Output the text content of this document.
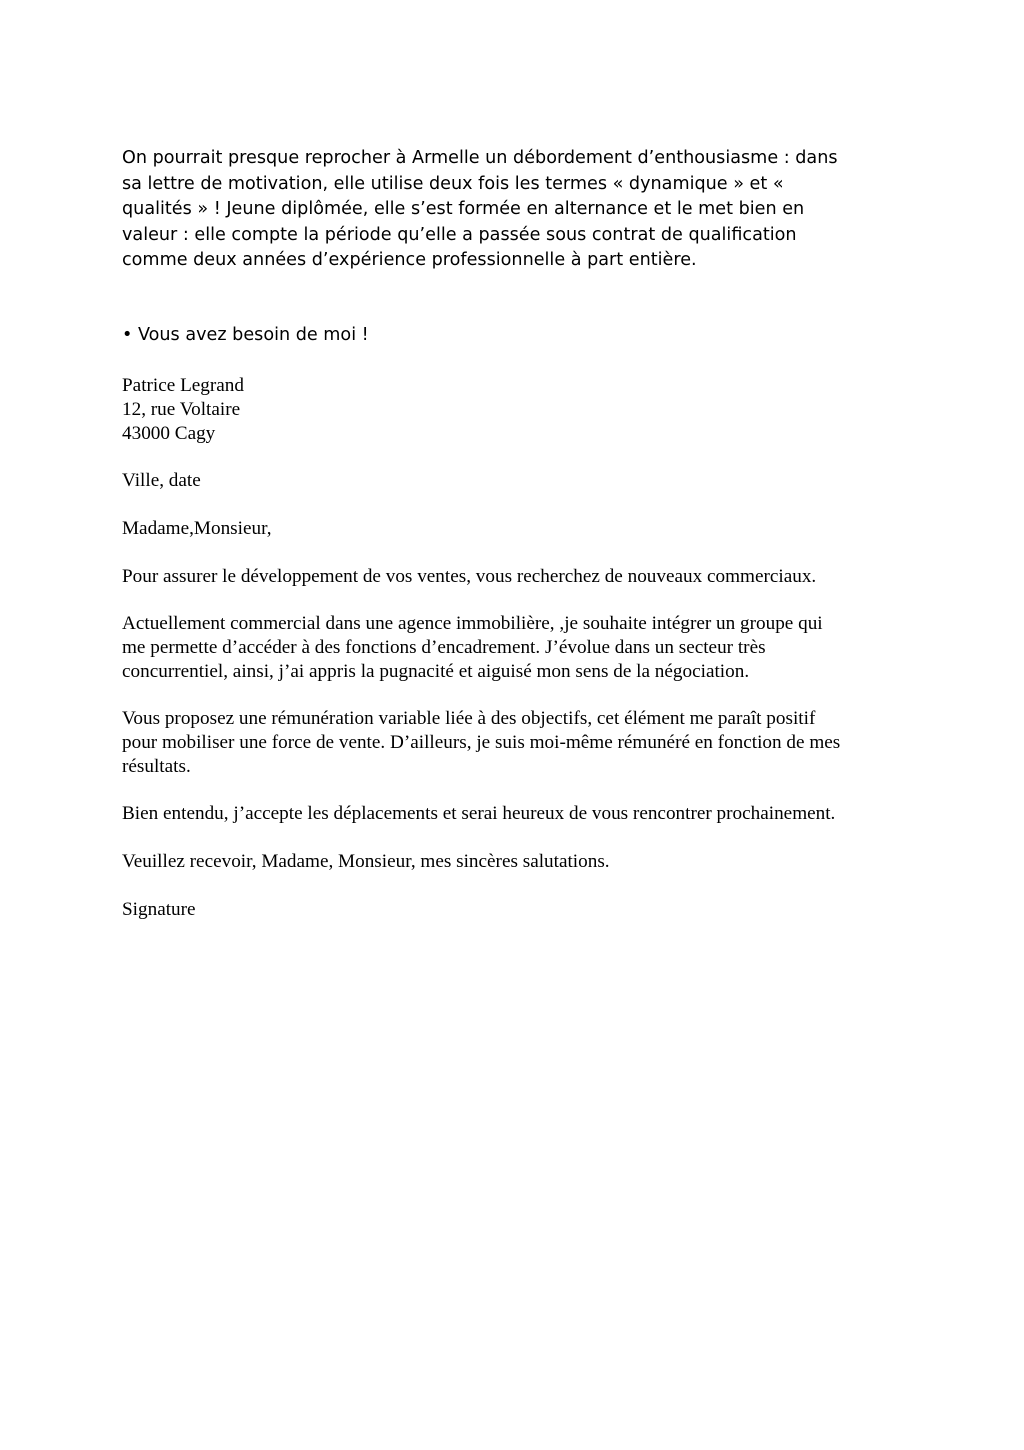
On pourrait presque reprocher à Armelle un débordement d’enthousiasme : dans
sa lettre de motivation, elle utilise deux fois les termes « dynamique » et «
qualités » ! Jeune diplômée, elle s’est formée en alternance et le met bien en
valeur : elle compte la période qu’elle a passée sous contrat de qualification
comme deux années d’expérience professionnelle à part entière.

• Vous avez besoin de moi !

Patrice Legrand
12, rue Voltaire
43000 Cagy

Ville, date

Madame,Monsieur,

Pour assurer le développement de vos ventes, vous recherchez de nouveaux commerciaux.

Actuellement commercial dans une agence immobilière, ,je souhaite intégrer un groupe qui
me permette d’accéder à des fonctions d’encadrement. J’évolue dans un secteur très
concurrentiel, ainsi, j’ai appris la pugnacité et aiguisé mon sens de la négociation.

Vous proposez une rémunération variable liée à des objectifs, cet élément me paraît positif
pour mobiliser une force de vente. D’ailleurs, je suis moi-même rémunéré en fonction de mes
résultats.

Bien entendu, j’accepte les déplacements et serai heureux de vous rencontrer prochainement.

Veuillez recevoir, Madame, Monsieur, mes sincères salutations.

Signature
